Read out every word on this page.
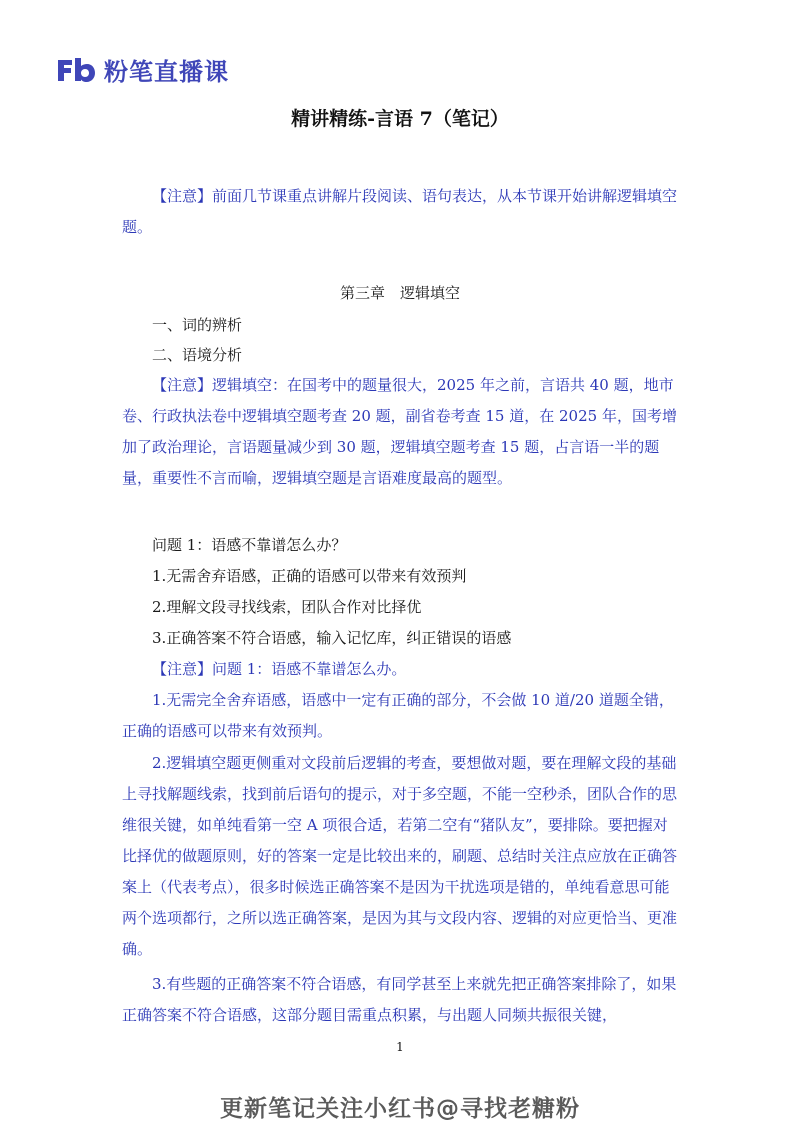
粉笔直播课
精讲精练-言语 7（笔记）

【注意】前面几节课重点讲解片段阅读、语句表达，从本节课开始讲解逻辑填空题。

第三章　逻辑填空

一、词的辨析

二、语境分析

【注意】逻辑填空：在国考中的题量很大，2025 年之前，言语共 40 题，地市卷、行政执法卷中逻辑填空题考查 20 题，副省卷考查 15 道，在 2025 年，国考增加了政治理论，言语题量减少到 30 题，逻辑填空题考查 15 题，占言语一半的题量，重要性不言而喻，逻辑填空题是言语难度最高的题型。

问题 1：语感不靠谱怎么办？

1.无需舍弃语感，正确的语感可以带来有效预判

2.理解文段寻找线索，团队合作对比择优

3.正确答案不符合语感，输入记忆库，纠正错误的语感

【注意】问题 1：语感不靠谱怎么办。

1.无需完全舍弃语感，语感中一定有正确的部分，不会做 10 道/20 道题全错，正确的语感可以带来有效预判。

2.逻辑填空题更侧重对文段前后逻辑的考查，要想做对题，要在理解文段的基础上寻找解题线索，找到前后语句的提示，对于多空题，不能一空秒杀，团队合作的思维很关键，如单纯看第一空 A 项很合适，若第二空有“猪队友”，要排除。要把握对比择优的做题原则，好的答案一定是比较出来的，刷题、总结时关注点应放在正确答案上（代表考点），很多时候选正确答案不是因为干扰选项是错的，单纯看意思可能两个选项都行，之所以选正确答案，是因为其与文段内容、逻辑的对应更恰当、更准确。

3.有些题的正确答案不符合语感，有同学甚至上来就先把正确答案排除了，如果正确答案不符合语感，这部分题目需重点积累，与出题人同频共振很关键，

1
更新笔记关注小红书@寻找老糖粉
